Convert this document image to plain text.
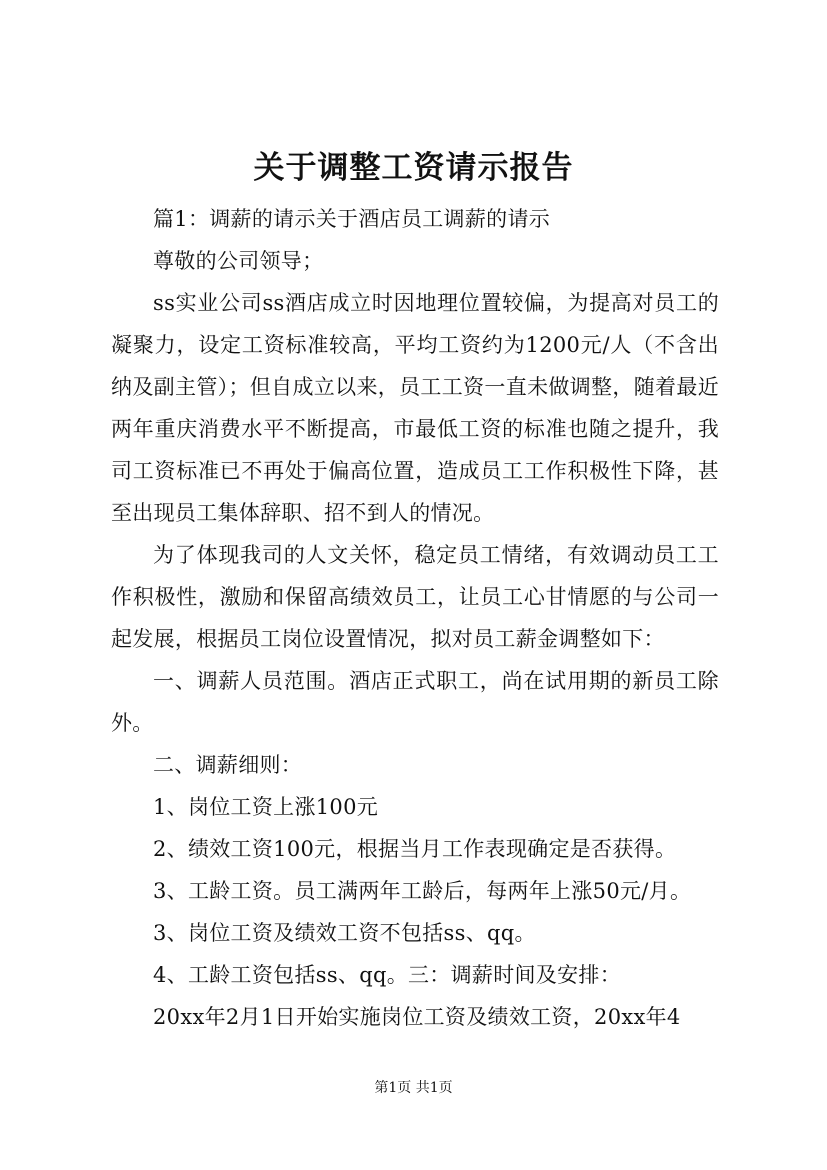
关于调整工资请示报告

篇1：调薪的请示关于酒店员工调薪的请示

尊敬的公司领导；

ss实业公司ss酒店成立时因地理位置较偏，为提高对员工的凝聚力，设定工资标准较高，平均工资约为1200元/人（不含出纳及副主管）；但自成立以来，员工工资一直未做调整，随着最近两年重庆消费水平不断提高，市最低工资的标准也随之提升，我司工资标准已不再处于偏高位置，造成员工工作积极性下降，甚至出现员工集体辞职、招不到人的情况。

为了体现我司的人文关怀，稳定员工情绪，有效调动员工工作积极性，激励和保留高绩效员工，让员工心甘情愿的与公司一起发展，根据员工岗位设置情况，拟对员工薪金调整如下：

一、调薪人员范围。酒店正式职工，尚在试用期的新员工除外。

二、调薪细则：

1、岗位工资上涨100元

2、绩效工资100元，根据当月工作表现确定是否获得。

3、工龄工资。员工满两年工龄后，每两年上涨50元/月。

3、岗位工资及绩效工资不包括ss、qq。

4、工龄工资包括ss、qq。三：调薪时间及安排：

20xx年2月1日开始实施岗位工资及绩效工资，20xx年4

第1页 共1页
